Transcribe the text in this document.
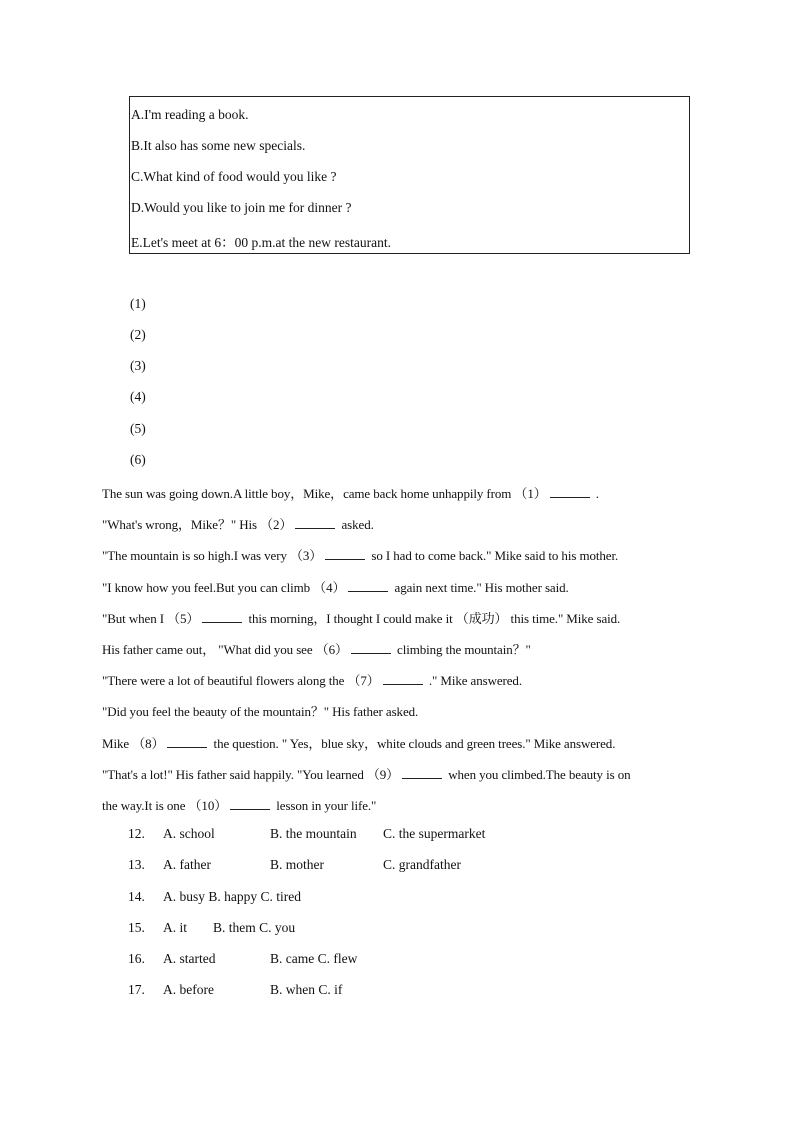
A.I'm reading a book.
B.It also has some new specials.
C.What kind of food would you like ?
D.Would you like to join me for dinner ?
E.Let's meet at 6：00 p.m.at the new restaurant.
(1)
(2)
(3)
(4)
(5)
(6)
The sun was going down.A little boy，Mike，came back home unhappily from （1）	.
"What's wrong，Mike？" His （2）	asked.
"The mountain is so high.I was very （3）	so I had to come back." Mike said to his mother.
"I know how you feel.But you can climb （4）	again next time." His mother said.
"But when I （5）	this morning，I thought I could make it （成功） this time." Mike said.
His father came out， "What did you see （6）	climbing the mountain？"
"There were a lot of beautiful flowers along the （7）	." Mike answered.
"Did you feel the beauty of the mountain？" His father asked.
Mike （8）	the question. " Yes，blue sky，white clouds and green trees." Mike answered.
"That's a lot!" His father said happily. "You learned （9）	when you climbed.The beauty is on
the way.It is one （10）	lesson in your life."
12. A. school	B. the mountain C. the supermarket
13. A. father	B. mother	C. grandfather
14. A. busy B. happy C. tired
15. A. it B. them C. you
16. A. started	B. came C. flew
17. A. before	B. when C. if
